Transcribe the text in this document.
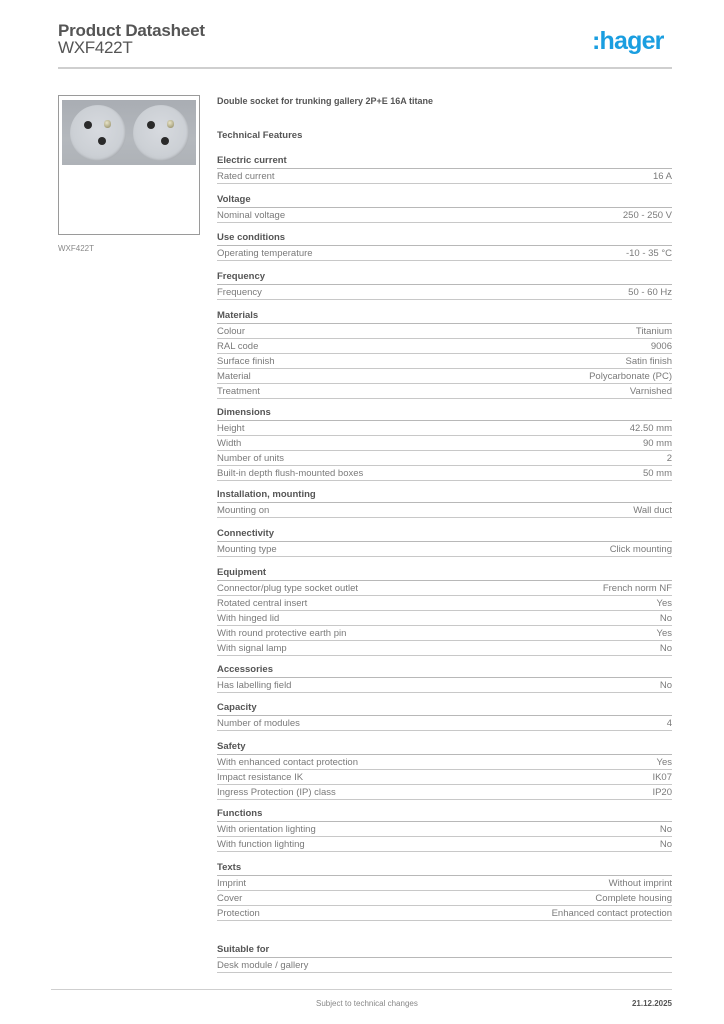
Product Datasheet
WXF422T	:hager
WXF422T
Double socket for trunking gallery 2P+E 16A titane
Technical Features
Electric current
Rated current	16 A
Voltage
Nominal voltage	250 - 250 V
Use conditions
Operating temperature	-10 - 35 °C
Frequency
Frequency	50 - 60 Hz
Materials
Colour	Titanium
RAL code	9006
Surface finish	Satin finish
Material	Polycarbonate (PC)
Treatment	Varnished
Dimensions
Height	42.50 mm
Width	90 mm
Number of units	2
Built-in depth flush-mounted boxes	50 mm
Installation, mounting
Mounting on	Wall duct
Connectivity
Mounting type	Click mounting
Equipment
Connector/plug type socket outlet	French norm NF
Rotated central insert	Yes
With hinged lid	No
With round protective earth pin	Yes
With signal lamp	No
Accessories
Has labelling field	No
Capacity
Number of modules	4
Safety
With enhanced contact protection	Yes
Impact resistance IK	IK07
Ingress Protection (IP) class	IP20
Functions
With orientation lighting	No
With function lighting	No
Texts
Imprint	Without imprint
Cover	Complete housing
Protection	Enhanced contact protection
Suitable for
Desk module / gallery
Subject to technical changes	21.12.2025
